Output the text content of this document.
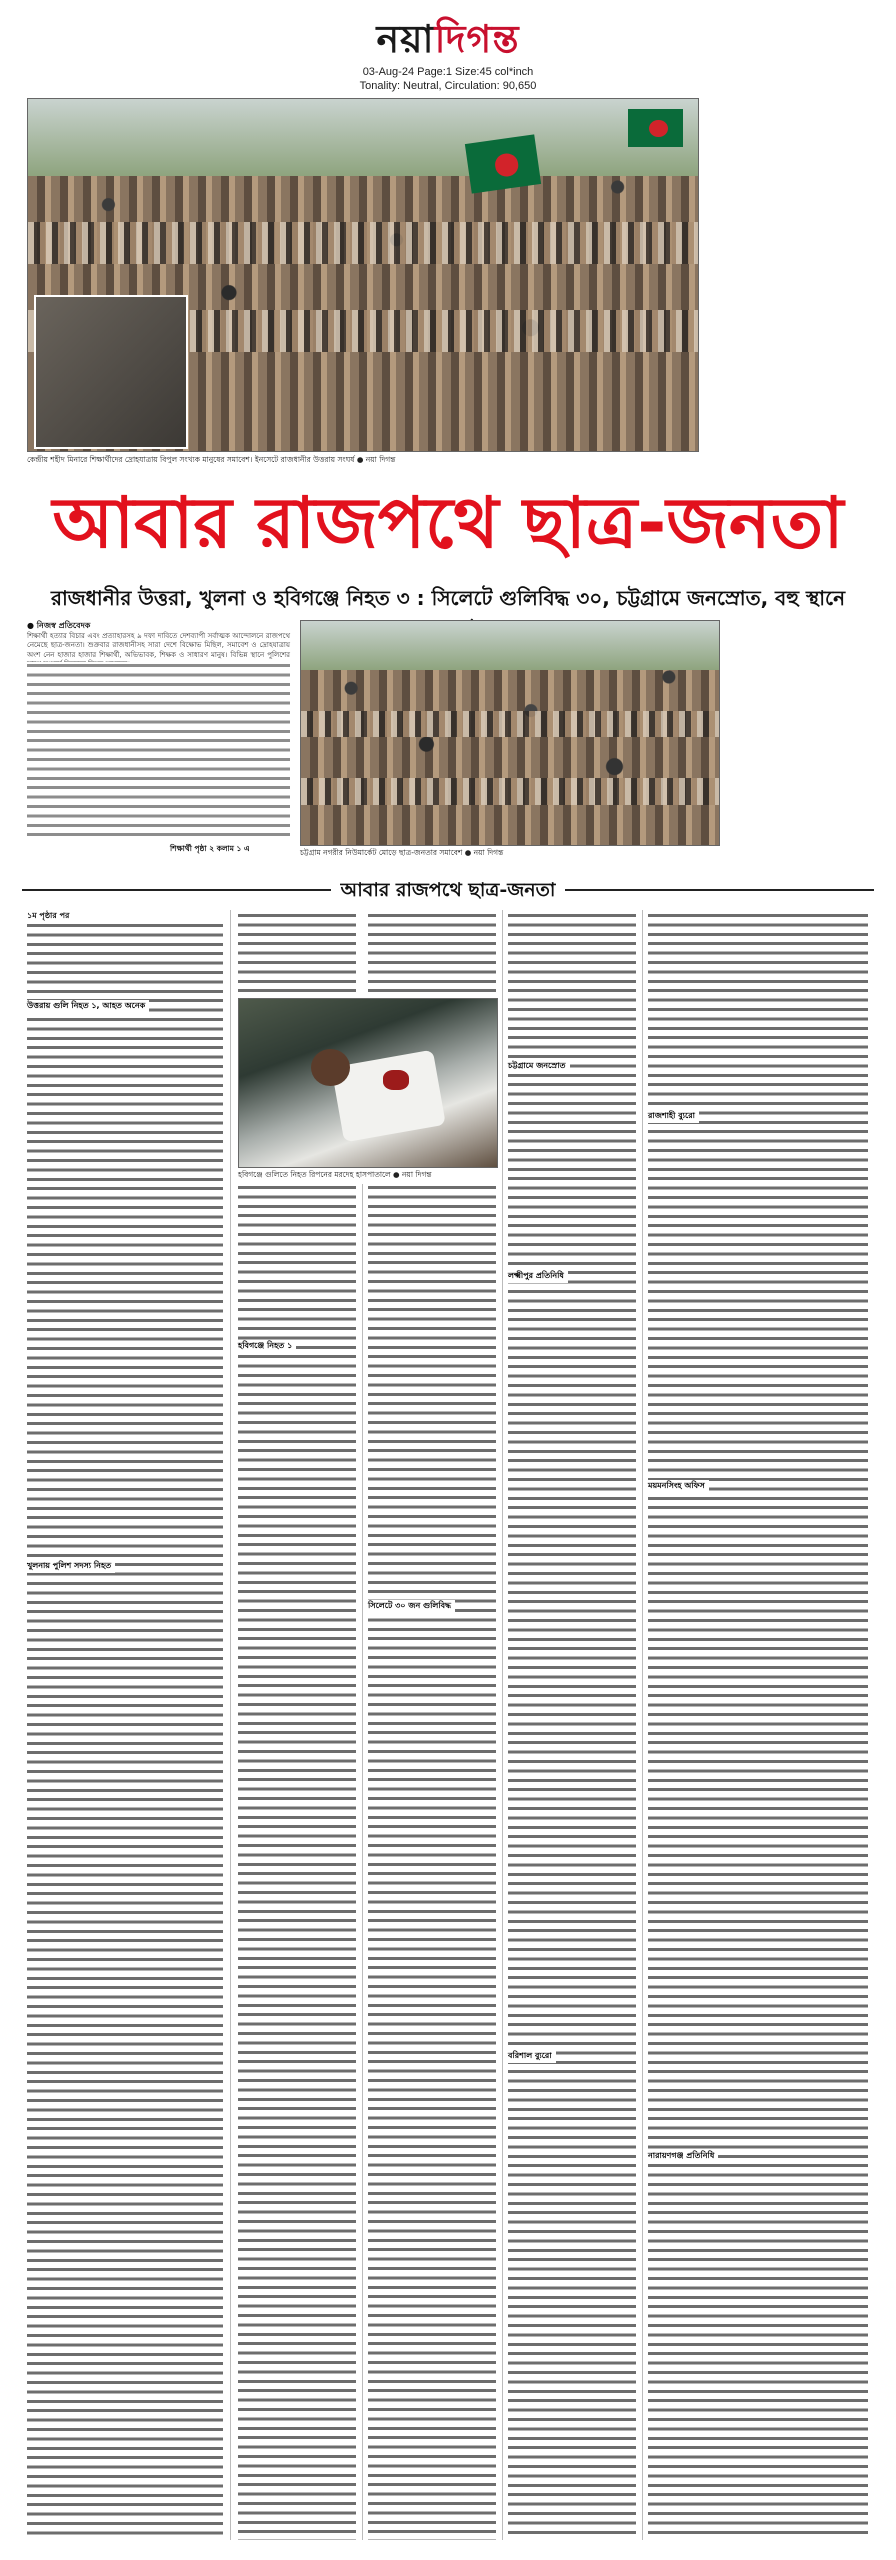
নয়াদিগন্ত
03-Aug-24 Page:1 Size:45 col*inch
Tonality: Neutral, Circulation: 90,650
কেন্দ্রীয় শহীদ মিনারে শিক্ষার্থীদের দ্রোহযাত্রায় বিপুল সংখ্যক মানুষের সমাবেশ। ইনসেটে রাজধানীর উত্তরায় সংঘর্ষ ● নয়া দিগন্ত
আবার রাজপথে ছাত্র-জনতা
রাজধানীর উত্তরা, খুলনা ও হবিগঞ্জে নিহত ৩ : সিলেটে গুলিবিদ্ধ ৩০, চট্টগ্রামে জনস্রোত, বহু স্থানে
● নিজস্ব প্রতিবেদক
শিক্ষার্থী হত্যার বিচার এবং প্রত্যাহারসহ ৯ দফা দাবিতে দেশব্যাপী সর্বাত্মক আন্দোলনে রাজপথে নেমেছে ছাত্র-জনতা। শুক্রবার রাজধানীসহ সারা দেশে বিক্ষোভ মিছিল, সমাবেশ ও দ্রোহযাত্রায় অংশ নেন হাজার হাজার শিক্ষার্থী, অভিভাবক, শিক্ষক ও সাধারণ মানুষ। বিভিন্ন স্থানে পুলিশের
শিক্ষার্থী পৃষ্ঠা ২ কলাম ১ এ	চট্টগ্রাম নগরীর নিউমার্কেট মোড়ে ছাত্র-জনতার সমাবেশ ● নয়া দিগন্ত
আবার রাজপথে ছাত্র-জনতা
১ম পৃষ্ঠার পর
উত্তরায় গুলি নিহত ১, আহত অনেক
খুলনায় পুলিশ সদস্য নিহত
হবিগঞ্জে গুলিতে নিহত রিপনের মরদেহ হাসপাতালে ● নয়া দিগন্ত
হবিগঞ্জে নিহত ১
সিলেটে ৩০ জন গুলিবিদ্ধ
চট্টগ্রামে জনস্রোত
লক্ষ্মীপুর প্রতিনিধি
বরিশাল ব্যুরো
রাজশাহী ব্যুরো
ময়মনসিংহ অফিস
নারায়ণগঞ্জ প্রতিনিধি
